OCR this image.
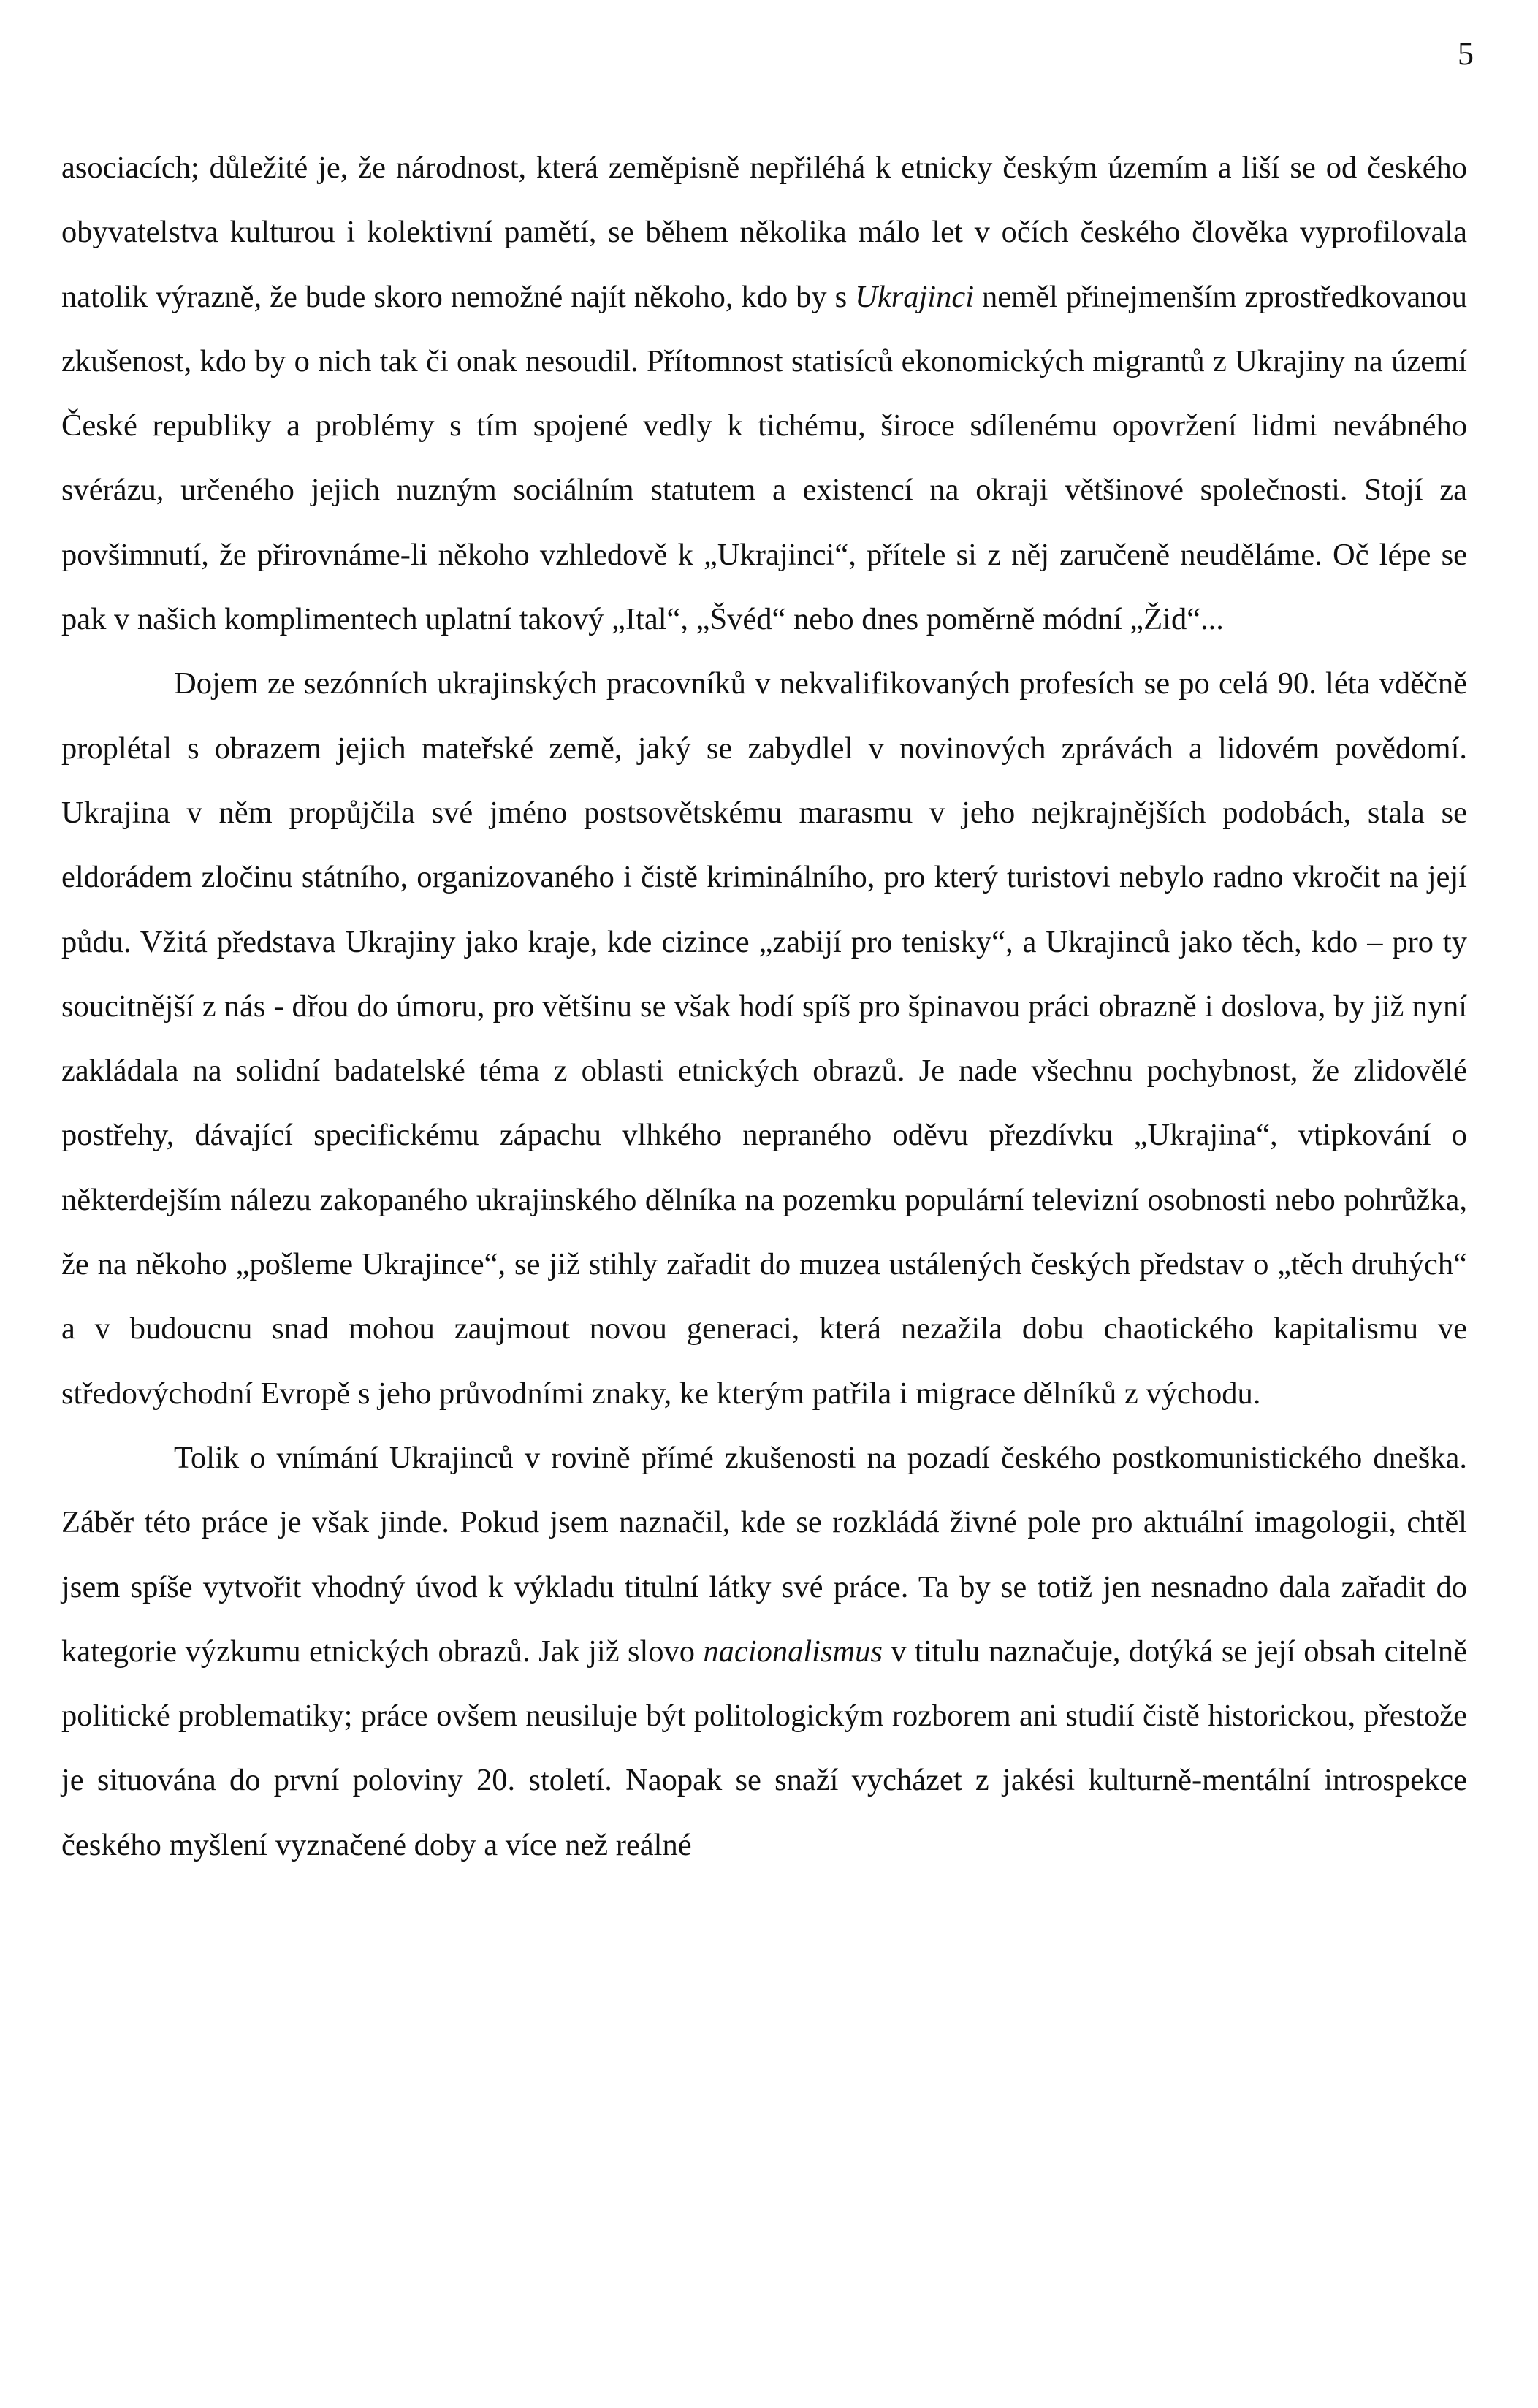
5

asociacích; důležité je, že národnost, která zeměpisně nepřiléhá k etnicky českým územím a liší se od českého obyvatelstva kulturou i kolektivní pamětí, se během několika málo let v očích českého člověka vyprofilovala natolik výrazně, že bude skoro nemožné najít někoho, kdo by s Ukrajinci neměl přinejmenším zprostředkovanou zkušenost, kdo by o nich tak či onak nesoudil. Přítomnost statisíců ekonomických migrantů z Ukrajiny na území České republiky a problémy s tím spojené vedly k tichému, široce sdílenému opovržení lidmi nevábného svérázu, určeného jejich nuzným sociálním statutem a existencí na okraji většinové společnosti. Stojí za povšimnutí, že přirovnáme-li někoho vzhledově k „Ukrajinci“, přítele si z něj zaručeně neuděláme. Oč lépe se pak v našich komplimentech uplatní takový „Ital“, „Švéd“ nebo dnes poměrně módní „Žid“...

Dojem ze sezónních ukrajinských pracovníků v nekvalifikovaných profesích se po celá 90. léta vděčně proplétal s obrazem jejich mateřské země, jaký se zabydlel v novinových zprávách a lidovém povědomí. Ukrajina v něm propůjčila své jméno postsovětskému marasmu v jeho nejkrajnějších podobách, stala se eldorádem zločinu státního, organizovaného i čistě kriminálního, pro který turistovi nebylo radno vkročit na její půdu. Vžitá představa Ukrajiny jako kraje, kde cizince „zabijí pro tenisky“, a Ukrajinců jako těch, kdo – pro ty soucitnější z nás - dřou do úmoru, pro většinu se však hodí spíš pro špinavou práci obrazně i doslova, by již nyní zakládala na solidní badatelské téma z oblasti etnických obrazů. Je nade všechnu pochybnost, že zlidovělé postřehy, dávající specifickému zápachu vlhkého nepraného oděvu přezdívku „Ukrajina“, vtipkování o některdejším nálezu zakopaného ukrajinského dělníka na pozemku populární televizní osobnosti nebo pohrůžka, že na někoho „pošleme Ukrajince“, se již stihly zařadit do muzea ustálených českých představ o „těch druhých“ a v budoucnu snad mohou zaujmout novou generaci, která nezažila dobu chaotického kapitalismu ve středovýchodní Evropě s jeho průvodními znaky, ke kterým patřila i migrace dělníků z východu.

Tolik o vnímání Ukrajinců v rovině přímé zkušenosti na pozadí českého postkomunistického dneška. Záběr této práce je však jinde. Pokud jsem naznačil, kde se rozkládá živné pole pro aktuální imagologii, chtěl jsem spíše vytvořit vhodný úvod k výkladu titulní látky své práce. Ta by se totiž jen nesnadno dala zařadit do kategorie výzkumu etnických obrazů. Jak již slovo nacionalismus v titulu naznačuje, dotýká se její obsah citelně politické problematiky; práce ovšem neusiluje být politologickým rozborem ani studií čistě historickou, přestože je situována do první poloviny 20. století. Naopak se snaží vycházet z jakési kulturně-mentální introspekce českého myšlení vyznačené doby a více než reálné
